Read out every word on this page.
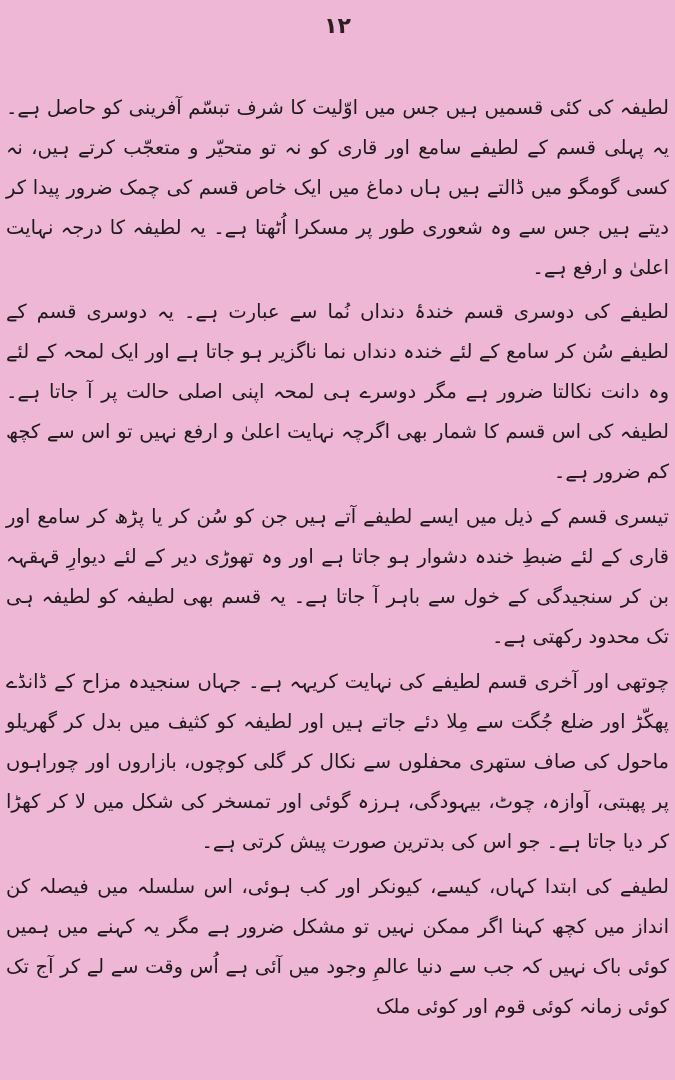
۱۲

لطیفہ کی کئی قسمیں ہیں جس میں اوّلیت کا شرف تبسّم آفرینی کو حاصل ہے۔ یہ پہلی قسم کے لطیفے سامع اور قاری کو نہ تو متحیّر و متعجّب کرتے ہیں، نہ کسی گومگو میں ڈالتے ہیں ہاں دماغ میں ایک خاص قسم کی چمک ضرور پیدا کر دیتے ہیں جس سے وہ شعوری طور پر مسکرا اُٹھتا ہے۔ یہ لطیفہ کا درجہ نہایت اعلیٰ و ارفع ہے۔

لطیفے کی دوسری قسم خندۂ دنداں نُما سے عبارت ہے۔ یہ دوسری قسم کے لطیفے سُن کر سامع کے لئے خندہ دنداں نما ناگزیر ہو جاتا ہے اور ایک لمحہ کے لئے وہ دانت نکالتا ضرور ہے مگر دوسرے ہی لمحہ اپنی اصلی حالت پر آ جاتا ہے۔ لطیفہ کی اس قسم کا شمار بھی اگرچہ نہایت اعلیٰ و ارفع نہیں تو اس سے کچھ کم ضرور ہے۔

تیسری قسم کے ذیل میں ایسے لطیفے آتے ہیں جن کو سُن کر یا پڑھ کر سامع اور قاری کے لئے ضبطِ خندہ دشوار ہو جاتا ہے اور وہ تھوڑی دیر کے لئے دیوارِ قہقہہ بن کر سنجیدگی کے خول سے باہر آ جاتا ہے۔ یہ قسم بھی لطیفہ کو لطیفہ ہی تک محدود رکھتی ہے۔

چوتھی اور آخری قسم لطیفے کی نہایت کریہہ ہے۔ جہاں سنجیدہ مزاح کے ڈانڈے پھکّڑ اور ضلع جُگت سے مِلا دئے جاتے ہیں اور لطیفہ کو کثیف میں بدل کر گھریلو ماحول کی صاف ستھری محفلوں سے نکال کر گلی کوچوں، بازاروں اور چوراہوں پر پھبتی، آوازہ، چوٹ، بیہودگی، ہرزہ گوئی اور تمسخر کی شکل میں لا کر کھڑا کر دیا جاتا ہے۔ جو اس کی بدترین صورت پیش کرتی ہے۔

لطیفے کی ابتدا کہاں، کیسے، کیونکر اور کب ہوئی، اس سلسلہ میں فیصلہ کن انداز میں کچھ کہنا اگر ممکن نہیں تو مشکل ضرور ہے مگر یہ کہنے میں ہمیں کوئی باک نہیں کہ جب سے دنیا عالمِ وجود میں آئی ہے اُس وقت سے لے کر آج تک کوئی زمانہ کوئی قوم اور کوئی ملک
